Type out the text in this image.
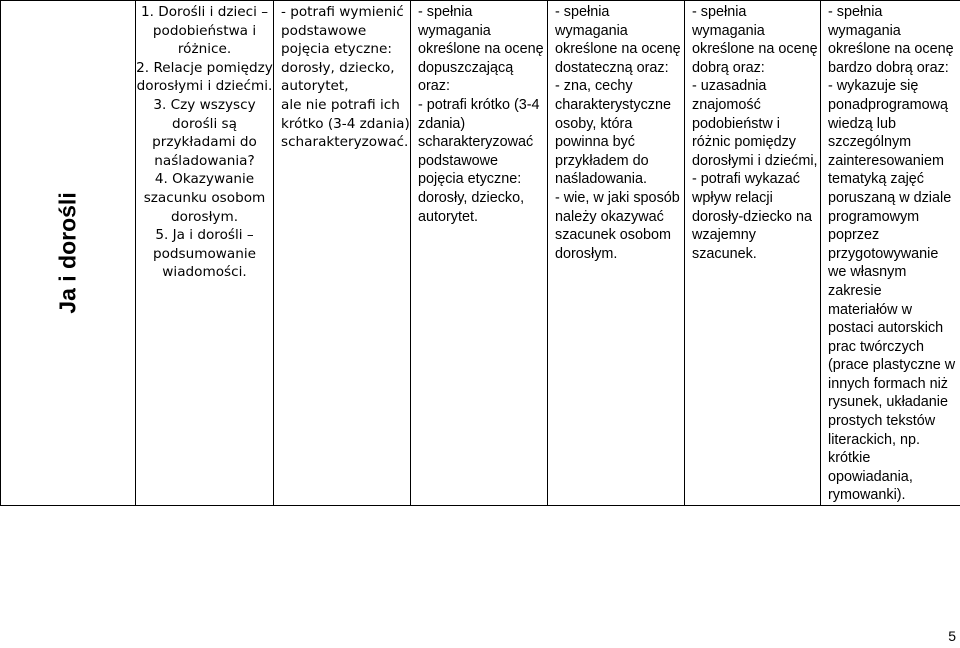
Ja i dorośli

1. Dorośli i dzieci –
podobieństwa i
różnice.
2. Relacje pomiędzy
dorosłymi i dziećmi.
3. Czy wszyscy
dorośli są
przykładami do
naśladowania?
4. Okazywanie
szacunku osobom
dorosłym.
5. Ja i dorośli –
podsumowanie
wiadomości.

- potrafi wymienić
podstawowe
pojęcia etyczne:
dorosły, dziecko,
autorytet,
ale nie potrafi ich
krótko (3-4 zdania)
scharakteryzować.

- spełnia
wymagania
określone na ocenę
dopuszczającą oraz:
- potrafi krótko (3-4
zdania)
scharakteryzować
podstawowe
pojęcia etyczne:
dorosły, dziecko,
autorytet.

- spełnia
wymagania
określone na ocenę
dostateczną oraz:
- zna, cechy
charakterystyczne
osoby, która
powinna być
przykładem do
naśladowania.
- wie, w jaki sposób
należy okazywać
szacunek osobom
dorosłym.

- spełnia
wymagania
określone na ocenę
dobrą oraz:
- uzasadnia
znajomość
podobieństw i
różnic pomiędzy
dorosłymi i dziećmi,
- potrafi wykazać
wpływ relacji
dorosły-dziecko na
wzajemny
szacunek.

- spełnia
wymagania
określone na ocenę
bardzo dobrą oraz:
- wykazuje się
ponadprogramową
wiedzą lub
szczególnym
zainteresowaniem
tematyką zajęć
poruszaną w dziale
programowym
poprzez
przygotowywanie
we własnym
zakresie
materiałów w
postaci autorskich
prac twórczych
(prace plastyczne w
innych formach niż
rysunek, układanie
prostych tekstów
literackich, np.
krótkie
opowiadania,
rymowanki).
5
